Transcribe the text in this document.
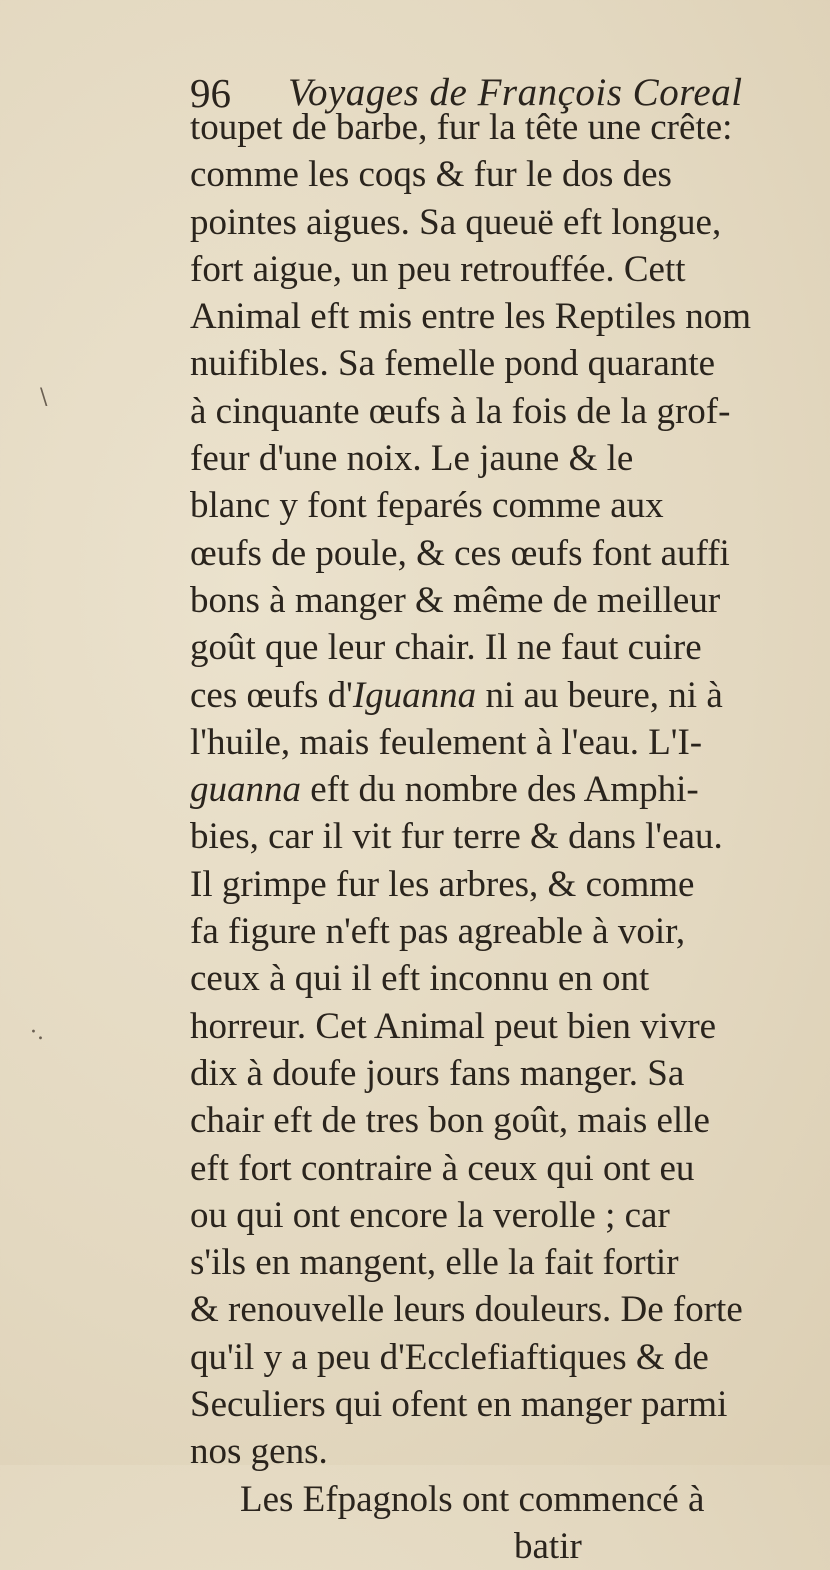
96 Voyages de François Coreal
\
·.
toupet de barbe, fur la tête une crête:
comme les coqs & fur le dos des
pointes aigues. Sa queuë eft longue,
fort aigue, un peu retrouffée. Cett
Animal eft mis entre les Reptiles nom
nuifibles. Sa femelle pond quarante
à cinquante œufs à la fois de la grof-
feur d'une noix. Le jaune & le
blanc y font feparés comme aux
œufs de poule, & ces œufs font auffi
bons à manger & même de meilleur
goût que leur chair. Il ne faut cuire
ces œufs d'Iguanna ni au beure, ni à
l'huile, mais feulement à l'eau. L'I-
guanna eft du nombre des Amphi-
bies, car il vit fur terre & dans l'eau.
Il grimpe fur les arbres, & comme
fa figure n'eft pas agreable à voir,
ceux à qui il eft inconnu en ont
horreur. Cet Animal peut bien vivre
dix à doufe jours fans manger. Sa
chair eft de tres bon goût, mais elle
eft fort contraire à ceux qui ont eu
ou qui ont encore la verolle ; car
s'ils en mangent, elle la fait fortir
& renouvelle leurs douleurs. De forte
qu'il y a peu d'Ecclefiaftiques & de
Seculiers qui ofent en manger parmi
nos gens.
Les Efpagnols ont commencé à
batir
